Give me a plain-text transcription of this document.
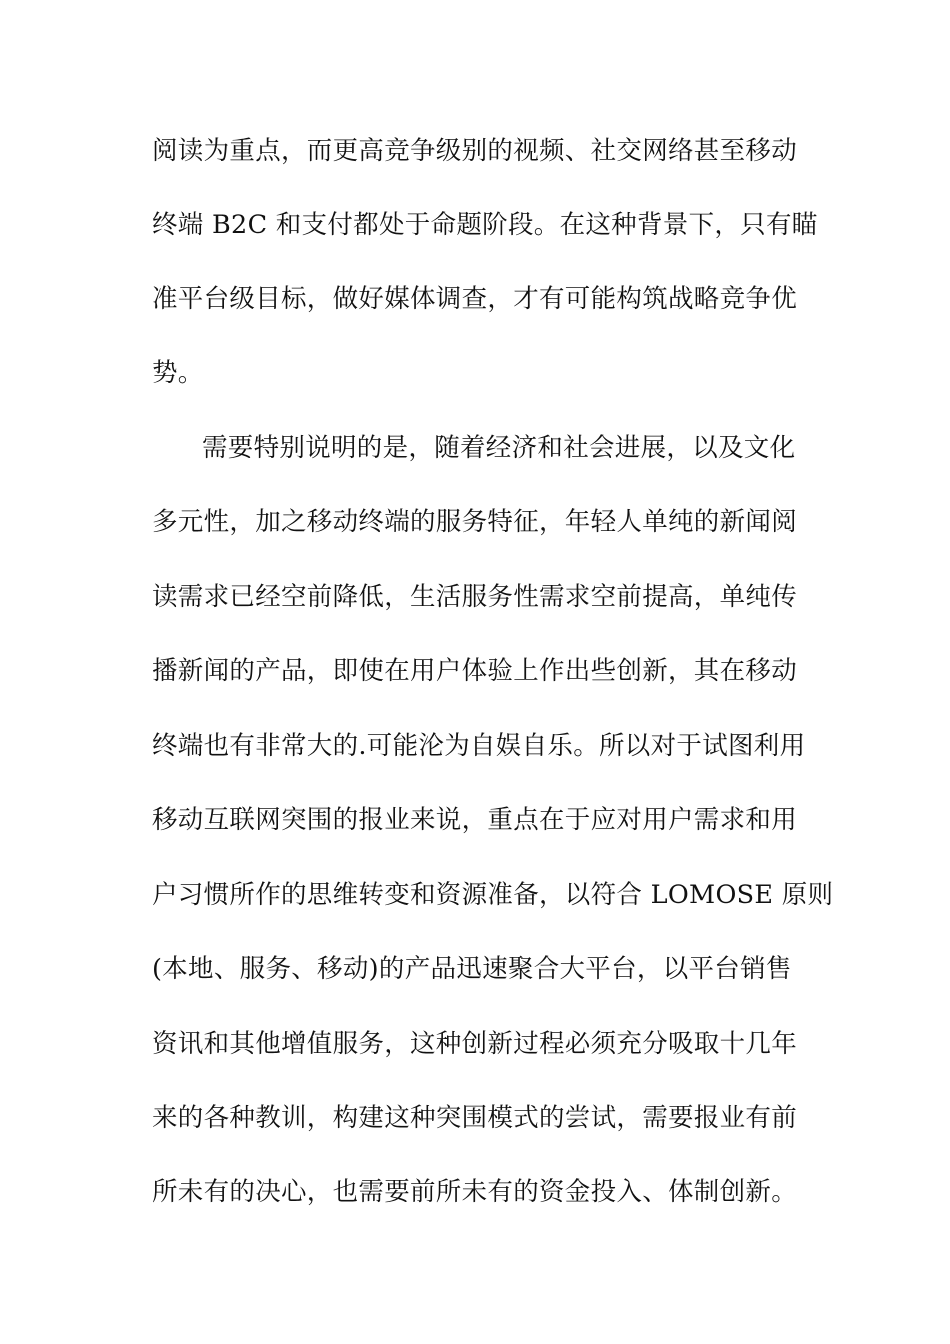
阅读为重点，而更高竞争级别的视频、社交网络甚至移动
终端 B2C 和支付都处于命题阶段。在这种背景下，只有瞄
准平台级目标，做好媒体调查，才有可能构筑战略竞争优
势。
需要特别说明的是，随着经济和社会进展，以及文化
多元性，加之移动终端的服务特征，年轻人单纯的新闻阅
读需求已经空前降低，生活服务性需求空前提高，单纯传
播新闻的产品，即使在用户体验上作出些创新，其在移动
终端也有非常大的.可能沦为自娱自乐。所以对于试图利用
移动互联网突围的报业来说，重点在于应对用户需求和用
户习惯所作的思维转变和资源准备，以符合 LOMOSE 原则
(本地、服务、移动)的产品迅速聚合大平台，以平台销售
资讯和其他增值服务，这种创新过程必须充分吸取十几年
来的各种教训，构建这种突围模式的尝试，需要报业有前
所未有的决心，也需要前所未有的资金投入、体制创新。
